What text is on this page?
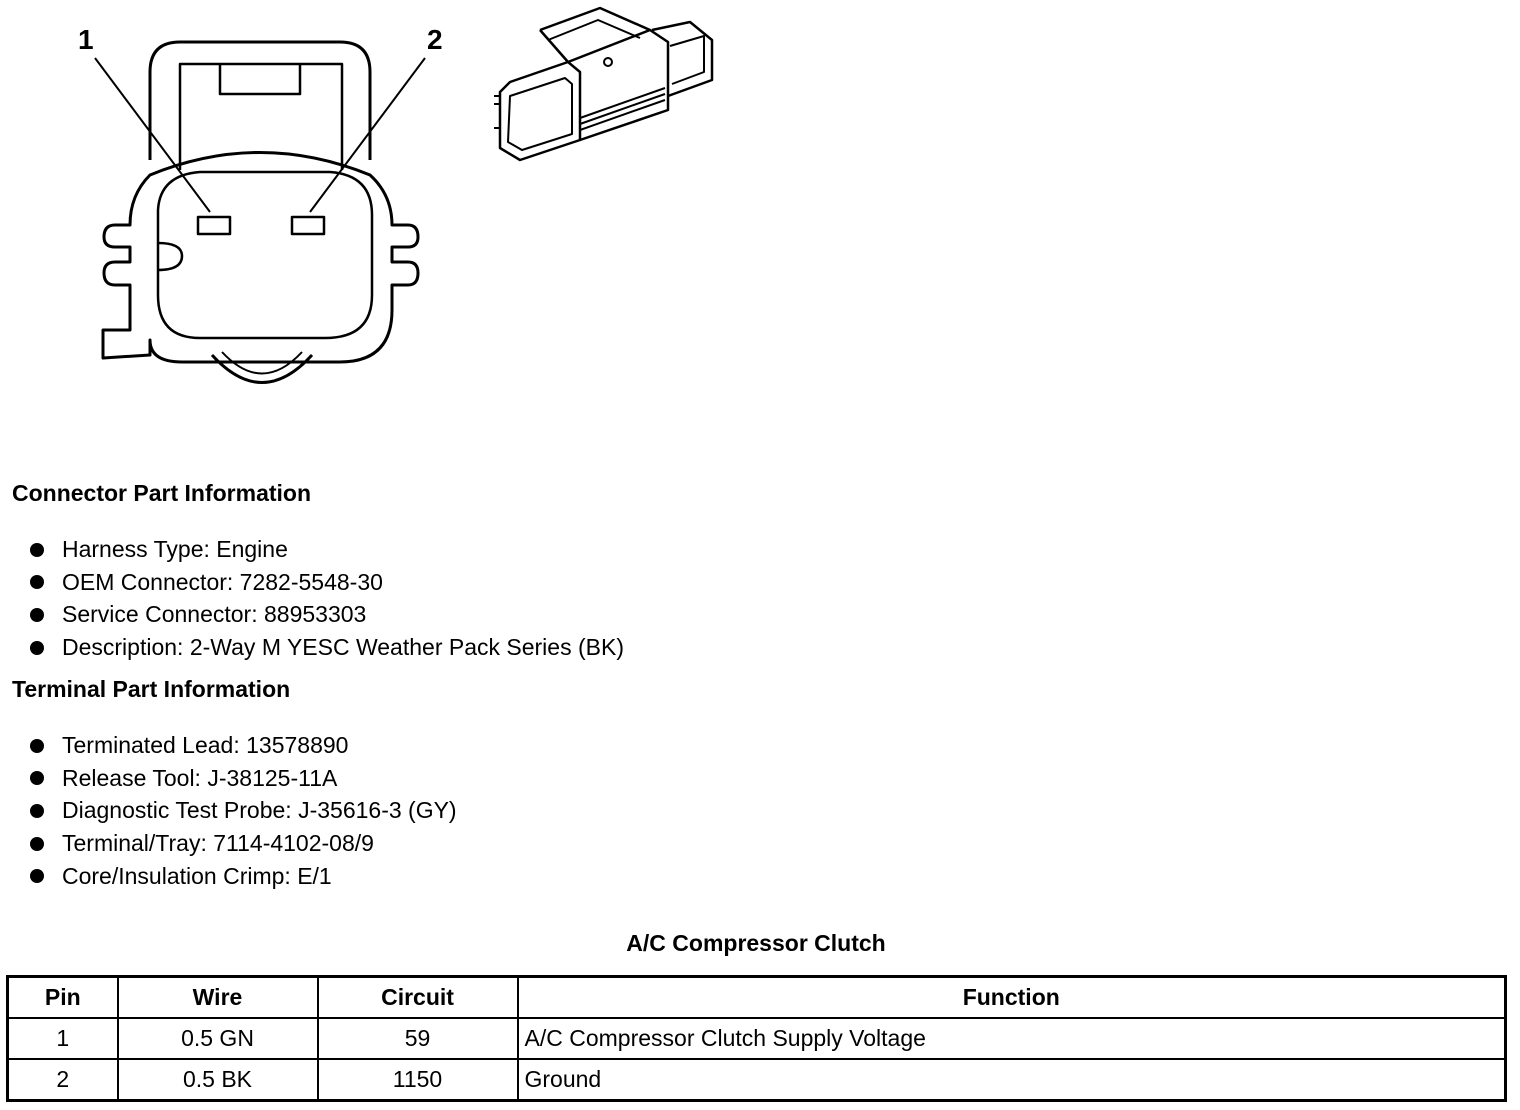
1	2
Connector Part Information
Harness Type: Engine
OEM Connector: 7282-5548-30
Service Connector: 88953303
Description: 2-Way M YESC Weather Pack Series (BK)
Terminal Part Information
Terminated Lead: 13578890
Release Tool: J-38125-11A
Diagnostic Test Probe: J-35616-3 (GY)
Terminal/Tray: 7114-4102-08/9
Core/Insulation Crimp: E/1
A/C Compressor Clutch
Pin	Wire	Circuit	Function
1	0.5 GN	59	A/C Compressor Clutch Supply Voltage
2	0.5 BK	1150	Ground
